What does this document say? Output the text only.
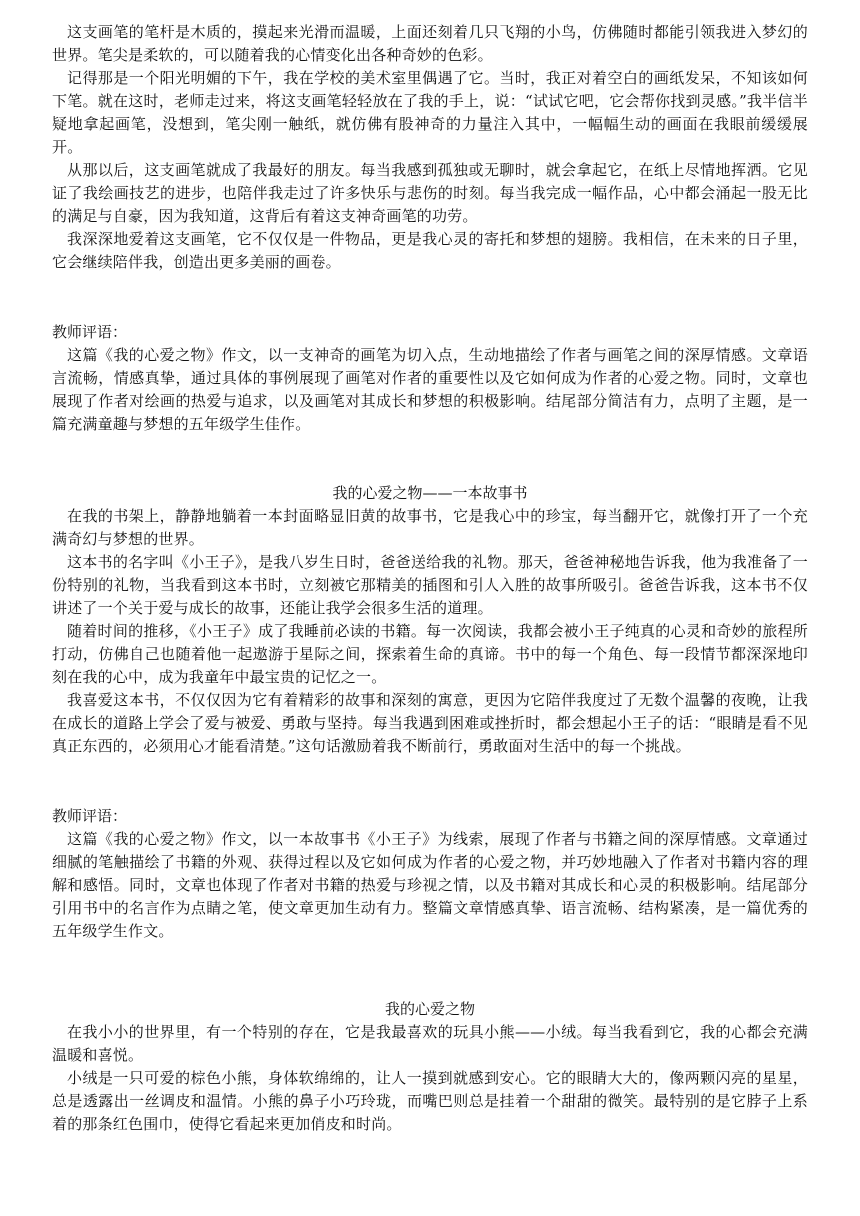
这支画笔的笔杆是木质的，摸起来光滑而温暖，上面还刻着几只飞翔的小鸟，仿佛随时都能引领我进入梦幻的世界。笔尖是柔软的，可以随着我的心情变化出各种奇妙的色彩。

记得那是一个阳光明媚的下午，我在学校的美术室里偶遇了它。当时，我正对着空白的画纸发呆，不知该如何下笔。就在这时，老师走过来，将这支画笔轻轻放在了我的手上，说：“试试它吧，它会帮你找到灵感。”我半信半疑地拿起画笔，没想到，笔尖刚一触纸，就仿佛有股神奇的力量注入其中，一幅幅生动的画面在我眼前缓缓展开。

从那以后，这支画笔就成了我最好的朋友。每当我感到孤独或无聊时，就会拿起它，在纸上尽情地挥洒。它见证了我绘画技艺的进步，也陪伴我走过了许多快乐与悲伤的时刻。每当我完成一幅作品，心中都会涌起一股无比的满足与自豪，因为我知道，这背后有着这支神奇画笔的功劳。

我深深地爱着这支画笔，它不仅仅是一件物品，更是我心灵的寄托和梦想的翅膀。我相信，在未来的日子里，它会继续陪伴我，创造出更多美丽的画卷。

教师评语：

这篇《我的心爱之物》作文，以一支神奇的画笔为切入点，生动地描绘了作者与画笔之间的深厚情感。文章语言流畅，情感真挚，通过具体的事例展现了画笔对作者的重要性以及它如何成为作者的心爱之物。同时，文章也展现了作者对绘画的热爱与追求，以及画笔对其成长和梦想的积极影响。结尾部分简洁有力，点明了主题，是一篇充满童趣与梦想的五年级学生佳作。

我的心爱之物——一本故事书

在我的书架上，静静地躺着一本封面略显旧黄的故事书，它是我心中的珍宝，每当翻开它，就像打开了一个充满奇幻与梦想的世界。

这本书的名字叫《小王子》，是我八岁生日时，爸爸送给我的礼物。那天，爸爸神秘地告诉我，他为我准备了一份特别的礼物，当我看到这本书时，立刻被它那精美的插图和引人入胜的故事所吸引。爸爸告诉我，这本书不仅讲述了一个关于爱与成长的故事，还能让我学会很多生活的道理。

随着时间的推移，《小王子》成了我睡前必读的书籍。每一次阅读，我都会被小王子纯真的心灵和奇妙的旅程所打动，仿佛自己也随着他一起遨游于星际之间，探索着生命的真谛。书中的每一个角色、每一段情节都深深地印刻在我的心中，成为我童年中最宝贵的记忆之一。

我喜爱这本书，不仅仅因为它有着精彩的故事和深刻的寓意，更因为它陪伴我度过了无数个温馨的夜晚，让我在成长的道路上学会了爱与被爱、勇敢与坚持。每当我遇到困难或挫折时，都会想起小王子的话：“眼睛是看不见真正东西的，必须用心才能看清楚。”这句话激励着我不断前行，勇敢面对生活中的每一个挑战。

教师评语：

这篇《我的心爱之物》作文，以一本故事书《小王子》为线索，展现了作者与书籍之间的深厚情感。文章通过细腻的笔触描绘了书籍的外观、获得过程以及它如何成为作者的心爱之物，并巧妙地融入了作者对书籍内容的理解和感悟。同时，文章也体现了作者对书籍的热爱与珍视之情，以及书籍对其成长和心灵的积极影响。结尾部分引用书中的名言作为点睛之笔，使文章更加生动有力。整篇文章情感真挚、语言流畅、结构紧凑，是一篇优秀的五年级学生作文。

我的心爱之物

在我小小的世界里，有一个特别的存在，它是我最喜欢的玩具小熊——小绒。每当我看到它，我的心都会充满温暖和喜悦。

小绒是一只可爱的棕色小熊，身体软绵绵的，让人一摸到就感到安心。它的眼睛大大的，像两颗闪亮的星星，总是透露出一丝调皮和温情。小熊的鼻子小巧玲珑，而嘴巴则总是挂着一个甜甜的微笑。最特别的是它脖子上系着的那条红色围巾，使得它看起来更加俏皮和时尚。
